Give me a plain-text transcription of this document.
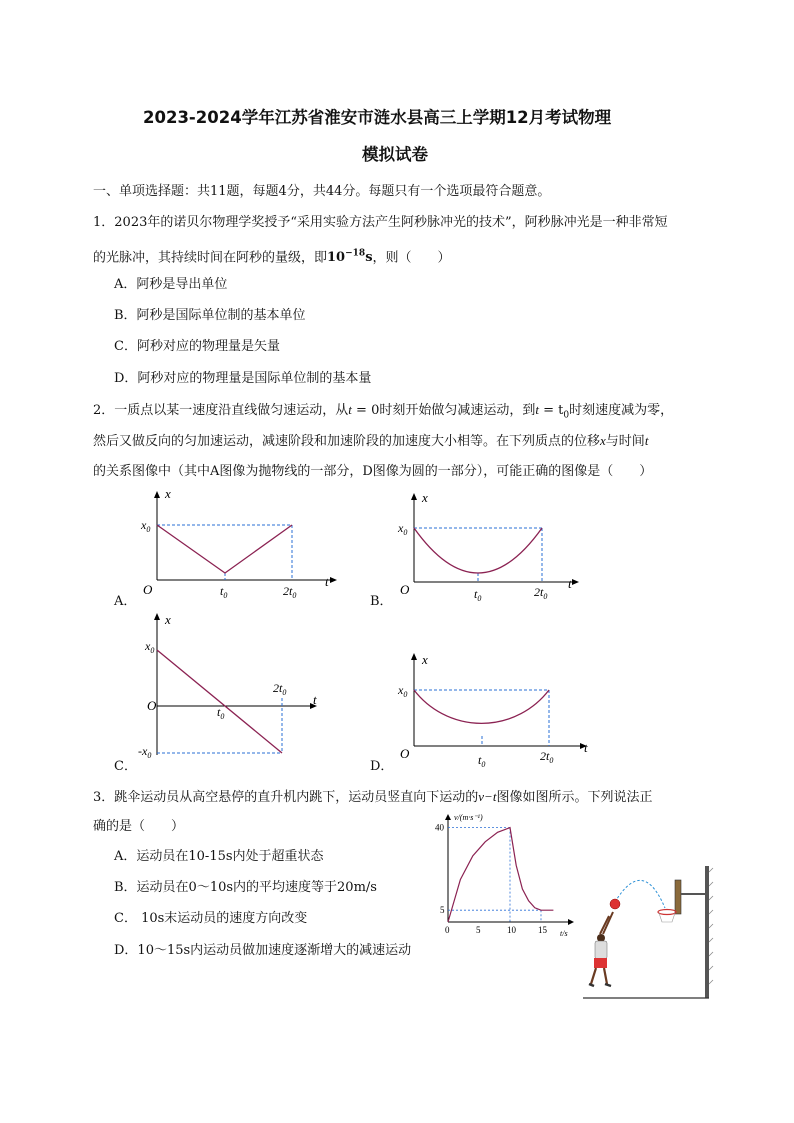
2023-2024学年江苏省淮安市涟水县高三上学期12月考试物理
模拟试卷
一、单项选择题：共11题，每题4分，共44分。每题只有一个选项最符合题意。
1．2023年的诺贝尔物理学奖授予“采用实验方法产生阿秒脉冲光的技术”，阿秒脉冲光是一种非常短
的光脉冲，其持续时间在阿秒的量级，即$10^{-18}s$，则（　　）
A．阿秒是导出单位
B．阿秒是国际单位制的基本单位
C．阿秒对应的物理量是矢量
D．阿秒对应的物理量是国际单位制的基本量
2．一质点以某一速度沿直线做匀速运动，从t = 0时刻开始做匀减速运动，到$t = t_0$时刻速度减为零，
然后又做反向的匀加速运动，减速阶段和加速阶段的加速度大小相等。在下列质点的位移x与时间t
的关系图像中（其中A图像为抛物线的一部分，D图像为圆的一部分），可能正确的图像是（　　）
x
t
O
$x_0$
$t_0$	$2t_0$
A．
x
t
O
$x_0$
$t_0$	$2t_0$
B．
x
t
O
$x_0$
$-x_0$
$t_0$
$2t_0$
C．
x
t
O
$x_0$
$t_0$
$2t_0$
D．
3．跳伞运动员从高空悬停的直升机内跳下，运动员竖直向下运动的v−t图像如图所示。下列说法正
确的是（　　）
A．运动员在10-15s内处于超重状态
B．运动员在0～10s内的平均速度等于20m/s
C． 10s末运动员的速度方向改变
D．10～15s内运动员做加速度逐渐增大的减速运动
v/(m·s⁻¹)
t/s
0	5	10 15
5
40
